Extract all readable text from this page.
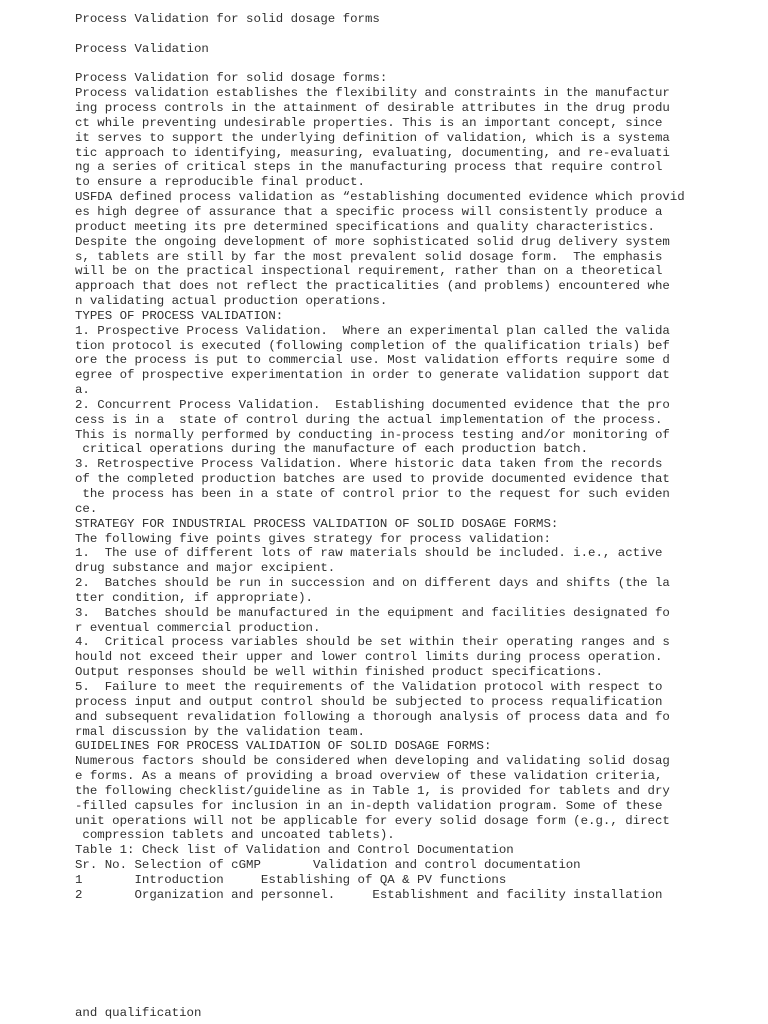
Process Validation for solid dosage forms
Process Validation
Process Validation for solid dosage forms:
Process validation establishes the flexibility and constraints in the manufactur
ing process controls in the attainment of desirable attributes in the drug produ
ct while preventing undesirable properties. This is an important concept, since
it serves to support the underlying definition of validation, which is a systema
tic approach to identifying, measuring, evaluating, documenting, and re-evaluati
ng a series of critical steps in the manufacturing process that require control
to ensure a reproducible final product.
USFDA defined process validation as “establishing documented evidence which provid
es high degree of assurance that a specific process will consistently produce a
product meeting its pre determined specifications and quality characteristics.
Despite the ongoing development of more sophisticated solid drug delivery system
s, tablets are still by far the most prevalent solid dosage form.  The emphasis
will be on the practical inspectional requirement, rather than on a theoretical
approach that does not reflect the practicalities (and problems) encountered whe
n validating actual production operations.
TYPES OF PROCESS VALIDATION:
1. Prospective Process Validation.  Where an experimental plan called the valida
tion protocol is executed (following completion of the qualification trials) bef
ore the process is put to commercial use. Most validation efforts require some d
egree of prospective experimentation in order to generate validation support dat
a.
2. Concurrent Process Validation.  Establishing documented evidence that the pro
cess is in a  state of control during the actual implementation of the process.
This is normally performed by conducting in-process testing and/or monitoring of
critical operations during the manufacture of each production batch.
3. Retrospective Process Validation. Where historic data taken from the records
of the completed production batches are used to provide documented evidence that
the process has been in a state of control prior to the request for such eviden
ce.
STRATEGY FOR INDUSTRIAL PROCESS VALIDATION OF SOLID DOSAGE FORMS:
The following five points gives strategy for process validation:
1.  The use of different lots of raw materials should be included. i.e., active
drug substance and major excipient.
2.  Batches should be run in succession and on different days and shifts (the la
tter condition, if appropriate).
3.  Batches should be manufactured in the equipment and facilities designated fo
r eventual commercial production.
4.  Critical process variables should be set within their operating ranges and s
hould not exceed their upper and lower control limits during process operation.
Output responses should be well within finished product specifications.
5.  Failure to meet the requirements of the Validation protocol with respect to
process input and output control should be subjected to process requalification
and subsequent revalidation following a thorough analysis of process data and fo
rmal discussion by the validation team.
GUIDELINES FOR PROCESS VALIDATION OF SOLID DOSAGE FORMS:
Numerous factors should be considered when developing and validating solid dosag
e forms. As a means of providing a broad overview of these validation criteria,
the following checklist/guideline as in Table 1, is provided for tablets and dry
-filled capsules for inclusion in an in-depth validation program. Some of these
unit operations will not be applicable for every solid dosage form (e.g., direct
compression tablets and uncoated tablets).
Table 1: Check list of Validation and Control Documentation
Sr. No. Selection of cGMP       Validation and control documentation
1       Introduction     Establishing of QA & PV functions
2       Organization and personnel.     Establishment and facility installation
and qualification
